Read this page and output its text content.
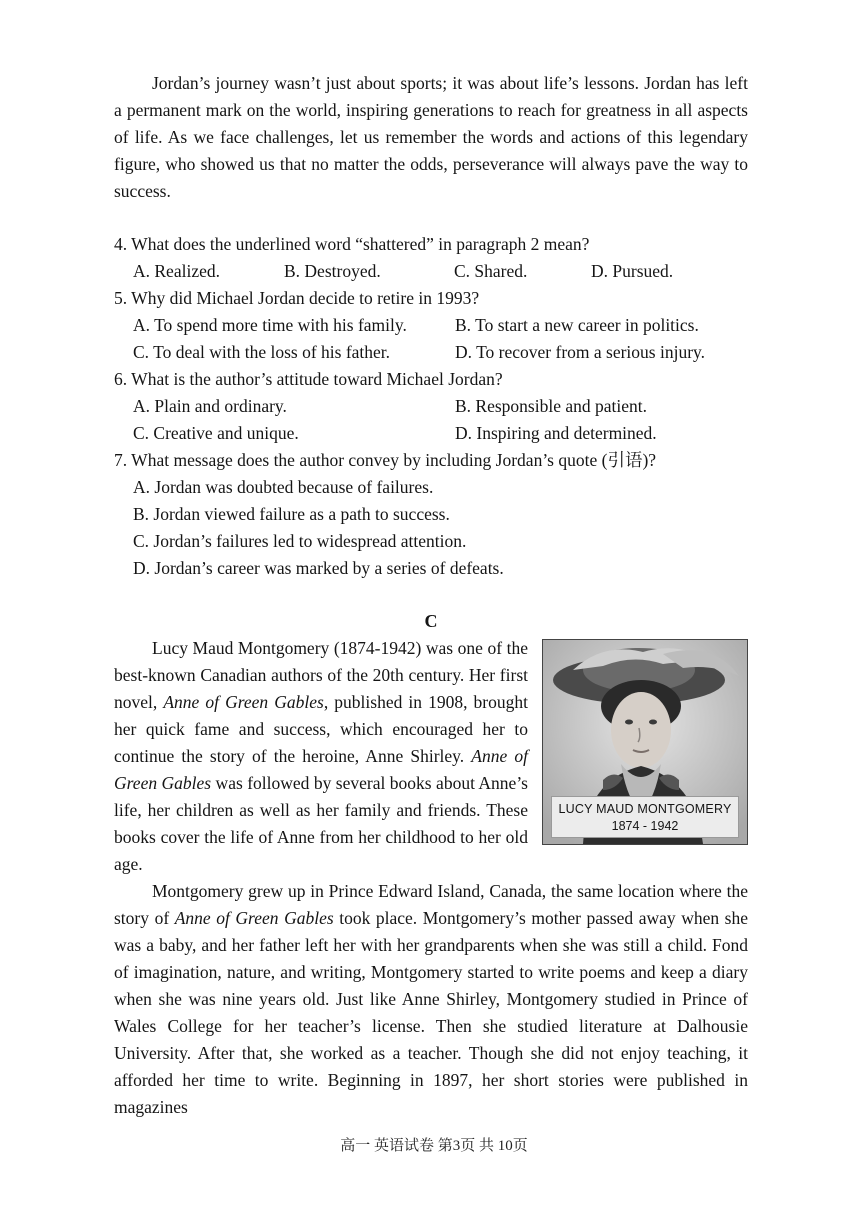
Jordan’s journey wasn’t just about sports; it was about life’s lessons. Jordan has left a permanent mark on the world, inspiring generations to reach for greatness in all aspects of life. As we face challenges, let us remember the words and actions of this legendary figure, who showed us that no matter the odds, perseverance will always pave the way to success.

4. What does the underlined word “shattered” in paragraph 2 mean?

A. Realized.	B. Destroyed.	C. Shared.	D. Pursued.

5. Why did Michael Jordan decide to retire in 1993?

A. To spend more time with his family.	B. To start a new career in politics.
C. To deal with the loss of his father.	D. To recover from a serious injury.

6. What is the author’s attitude toward Michael Jordan?

A. Plain and ordinary.	B. Responsible and patient.
C. Creative and unique.	D. Inspiring and determined.

7. What message does the author convey by including Jordan’s quote (引语)?

A. Jordan was doubted because of failures.

B. Jordan viewed failure as a path to success.

C. Jordan’s failures led to widespread attention.

D. Jordan’s career was marked by a series of defeats.

C

LUCY MAUD MONTGOMERY
1874 - 1942

Lucy Maud Montgomery (1874-1942) was one of the best-known Canadian authors of the 20th century. Her first novel, Anne of Green Gables, published in 1908, brought her quick fame and success, which encouraged her to continue the story of the heroine, Anne Shirley. Anne of Green Gables was followed by several books about Anne’s life, her children as well as her family and friends. These books cover the life of Anne from her childhood to her old age.

Montgomery grew up in Prince Edward Island, Canada, the same location where the story of Anne of Green Gables took place. Montgomery’s mother passed away when she was a baby, and her father left her with her grandparents when she was still a child. Fond of imagination, nature, and writing, Montgomery started to write poems and keep a diary when she was nine years old. Just like Anne Shirley, Montgomery studied in Prince of Wales College for her teacher’s license. Then she studied literature at Dalhousie University. After that, she worked as a teacher. Though she did not enjoy teaching, it afforded her time to write. Beginning in 1897, her short stories were published in magazines

高一 英语试卷 第3页 共 10页
